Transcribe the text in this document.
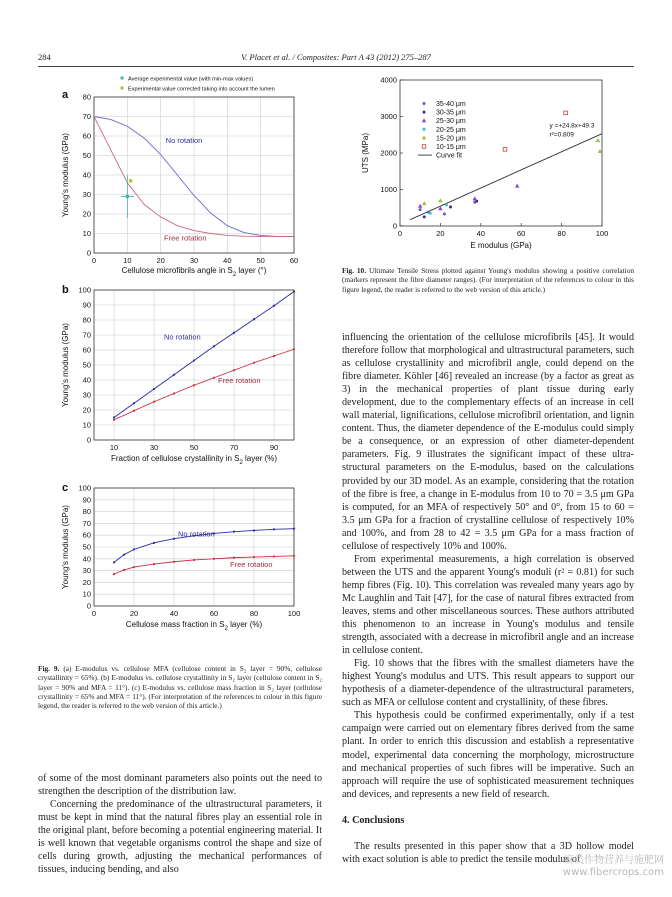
284	V. Placet et al. / Composites: Part A 43 (2012) 275–287
0	10	20	30	40	50	60
0
10
20
30
40
50
60
70
80
a
Average experimental value (with min-max values)
Experimental value corrected taking into account the lumen
No rotation
Free rotation
Cellulose microfibrils angle in $S_2$ layer (°)
Young's modulus (GPa)
10	30	50	70	90
0
10
20
30
40
50
60
70
80
90
100
b
No rotation
Free rotation
Fraction of cellulose crystallinity in $S_2$ layer (%)
Young's modulus (GPa)
0	20	40	60	80	100
0
10
20
30
40
50
60
70
80
90
100
c
No rotation
Free rotation
Cellulose mass fraction in $S_2$ layer (%)
Young's modulus (GPa)
0	20	40	60	80	100
0
1000
2000
3000
4000
35-40 μm
30-35 μm
25-30 μm
20-25 μm
15-20 μm
10-15 μm
Curve fit
y =+24.8x+49.3
r²=0.809
E modulus (GPa)
UTS (MPa)
Fig. 10. Ultimate Tensile Stress plotted against Young's modulus showing a positive correlation (markers represent the fibre diameter ranges). (For interpretation of the references to colour in this figure legend, the reader is referred to the web version of this article.)
Fig. 9. (a) E-modulus vs. cellulose MFA (cellulose content in S₂ layer = 90%, cellulose crystallinity = 65%). (b) E-modulus vs. cellulose crystallinity in S₂ layer (cellulose content in S₂ layer = 90% and MFA = 11°). (c) E-modulus vs. cellulose mass fraction in S₂ layer (cellulose crystallinity = 65% and MFA = 11°). (For interpretation of the references to colour in this figure legend, the reader is referred to the web version of this article.)

of some of the most dominant parameters also points out the need to strengthen the description of the distribution law.

Concerning the predominance of the ultrastructural parameters, it must be kept in mind that the natural fibres play an essential role in the original plant, before becoming a potential engineering material. It is well known that vegetable organisms control the shape and size of cells during growth, adjusting the mechanical performances of tissues, inducing bending, and also

influencing the orientation of the cellulose microfibrils [45]. It would therefore follow that morphological and ultrastructural parameters, such as cellulose crystallinity and microfibril angle, could depend on the fibre diameter. Köhler [46] revealed an increase (by a factor as great as 3) in the mechanical properties of plant tissue during early development, due to the complementary effects of an increase in cell wall material, lignifications, cellulose microfibril orientation, and lignin content. Thus, the diameter dependence of the E-modulus could simply be a consequence, or an expression of other diameter-dependent parameters. Fig. 9 illustrates the significant impact of these ultra-structural parameters on the E-modulus, based on the calculations provided by our 3D model. As an example, considering that the rotation of the fibre is free, a change in E-modulus from 10 to 70 = 3.5 μm GPa is computed, for an MFA of respectively 50° and 0°, from 15 to 60 = 3.5 μm GPa for a fraction of crystalline cellulose of respectively 10% and 100%, and from 28 to 42 = 3.5 μm GPa for a mass fraction of cellulose of respectively 10% and 100%.

From experimental measurements, a high correlation is observed between the UTS and the apparent Young's moduli (r² = 0.81) for such hemp fibres (Fig. 10). This correlation was revealed many years ago by Mc Laughlin and Tait [47], for the case of natural fibres extracted from leaves, stems and other miscellaneous sources. These authors attributed this phenomenon to an increase in Young's modulus and tensile strength, associated with a decrease in microfibril angle and an increase in cellulose content.

Fig. 10 shows that the fibres with the smallest diameters have the highest Young's modulus and UTS. This result appears to support our hypothesis of a diameter-dependence of the ultrastructural parameters, such as MFA or cellulose content and crystallinity, of these fibres.

This hypothesis could be confirmed experimentally, only if a test campaign were carried out on elementary fibres derived from the same plant. In order to enrich this discussion and establish a representative model, experimental data concerning the morphology, microstructure and mechanical properties of such fibres will be imperative. Such an approach will require the use of sophisticated measurement techniques and devices, and represents a new field of research.

4. Conclusions

The results presented in this paper show that a 3D hollow model with exact solution is able to predict the tensile modulus of

麻类作物营养与施肥网
www.fibercrops.com
